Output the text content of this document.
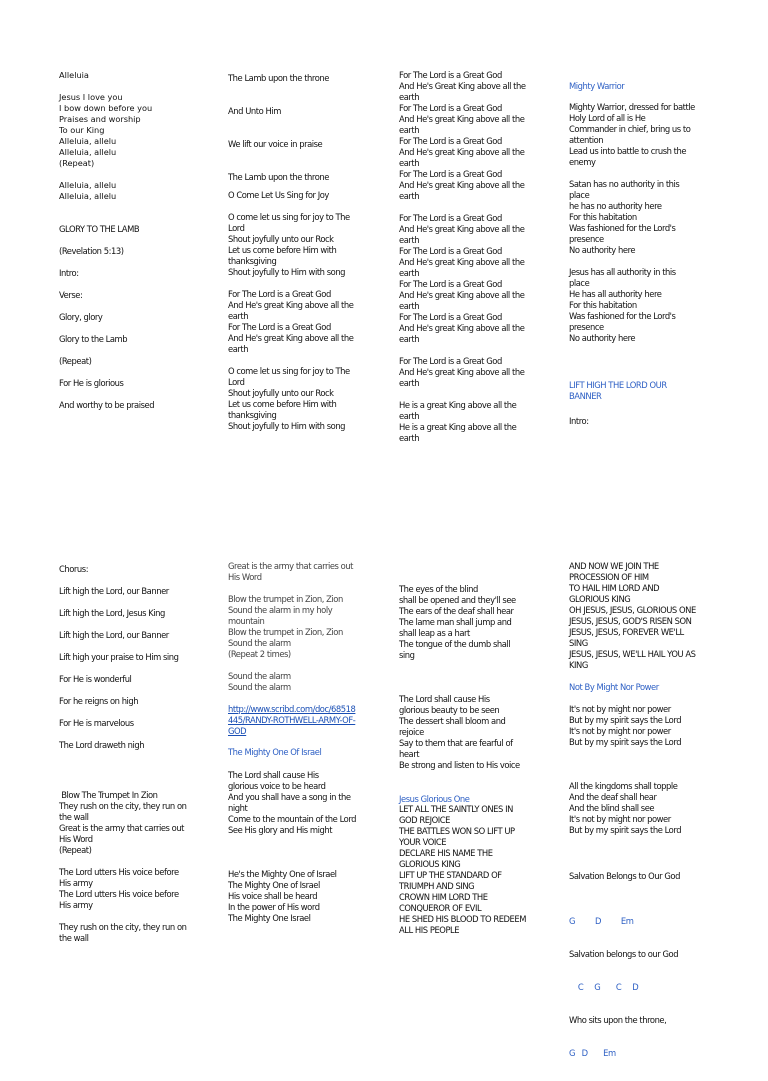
Alleluia
Jesus I love you
I bow down before you
Praises and worship
To our King
Alleluia, allelu
Alleluia, allelu
(Repeat)
Alleluia, allelu
Alleluia, allelu
GLORY TO THE LAMB
(Revelation 5:13)
Intro:
Verse:
Glory, glory
Glory to the Lamb
(Repeat)
For He is glorious
And worthy to be praised
Chorus:
Lift high the Lord, our Banner
Lift high the Lord, Jesus King
Lift high the Lord, our Banner
Lift high your praise to Him sing
For He is wonderful
For he reigns on high
For He is marvelous
The Lord draweth nigh
Blow The Trumpet In Zion
They rush on the city, they run on
the wall
Great is the army that carries out
His Word
(Repeat)
The Lord utters His voice before
His army
The Lord utters His voice before
His army
They rush on the city, they run on
the wall
The Lamb upon the throne
And Unto Him
We lift our voice in praise
The Lamb upon the throne
O Come Let Us Sing for Joy
O come let us sing for joy to The
Lord
Shout joyfully unto our Rock
Let us come before Him with
thanksgiving
Shout joyfully to Him with song
For The Lord is a Great God
And He's great King above all the
earth
For The Lord is a Great God
And He's great King above all the
earth
O come let us sing for joy to The
Lord
Shout joyfully unto our Rock
Let us come before Him with
thanksgiving
Shout joyfully to Him with song
Great is the army that carries out
His Word
Blow the trumpet in Zion, Zion
Sound the alarm in my holy
mountain
Blow the trumpet in Zion, Zion
Sound the alarm
(Repeat 2 times)
Sound the alarm
Sound the alarm
http://www.scribd.com/doc/68518
445/RANDY-ROTHWELL-ARMY-OF-
GOD
The Mighty One Of Israel
The Lord shall cause His
glorious voice to be heard
And you shall have a song in the
night
Come to the mountain of the Lord
See His glory and His might
He's the Mighty One of Israel
The Mighty One of Israel
His voice shall be heard
In the power of His word
The Mighty One Israel
For The Lord is a Great God
And He's Great King above all the
earth
For The Lord is a Great God
And He's great King above all the
earth
For The Lord is a Great God
And He's great King above all the
earth
For The Lord is a Great God
And He's great King above all the
earth
For The Lord is a Great God
And He's great King above all the
earth
For The Lord is a Great God
And He's great King above all the
earth
For The Lord is a Great God
And He's great King above all the
earth
For The Lord is a Great God
And He's great King above all the
earth
For The Lord is a Great God
And He's great King above all the
earth
He is a great King above all the
earth
He is a great King above all the
earth
The eyes of the blind
shall be opened and they'll see
The ears of the deaf shall hear
The lame man shall jump and
shall leap as a hart
The tongue of the dumb shall
sing
The Lord shall cause His
glorious beauty to be seen
The dessert shall bloom and
rejoice
Say to them that are fearful of
heart
Be strong and listen to His voice
Jesus Glorious One
LET ALL THE SAINTLY ONES IN
GOD REJOICE
THE BATTLES WON SO LIFT UP
YOUR VOICE
DECLARE HIS NAME THE
GLORIOUS KING
LIFT UP THE STANDARD OF
TRIUMPH AND SING
CROWN HIM LORD THE
CONQUEROR OF EVIL
HE SHED HIS BLOOD TO REDEEM
ALL HIS PEOPLE
Mighty Warrior
Mighty Warrior, dressed for battle
Holy Lord of all is He
Commander in chief, bring us to
attention
Lead us into battle to crush the
enemy
Satan has no authority in this
place
he has no authority here
For this habitation
Was fashioned for the Lord's
presence
No authority here
Jesus has all authority in this
place
He has all authority here
For this habitation
Was fashioned for the Lord's
presence
No authority here
LIFT HIGH THE LORD OUR
BANNER
Intro:
AND NOW WE JOIN THE
PROCESSION OF HIM
TO HAIL HIM LORD AND
GLORIOUS KING
OH JESUS, JESUS, GLORIOUS ONE
JESUS, JESUS, GOD'S RISEN SON
JESUS, JESUS, FOREVER WE'LL
SING
JESUS, JESUS, WE'LL HAIL YOU AS
KING
Not By Might Nor Power
It's not by might nor power
But by my spirit says the Lord
It's not by might nor power
But by my spirit says the Lord
All the kingdoms shall topple
And the deaf shall hear
And the blind shall see
It's not by might nor power
But by my spirit says the Lord
Salvation Belongs to Our God

G         D         Em

Salvation belongs to our God

C     G       C     D

Who sits upon the throne,

G   D       Em
